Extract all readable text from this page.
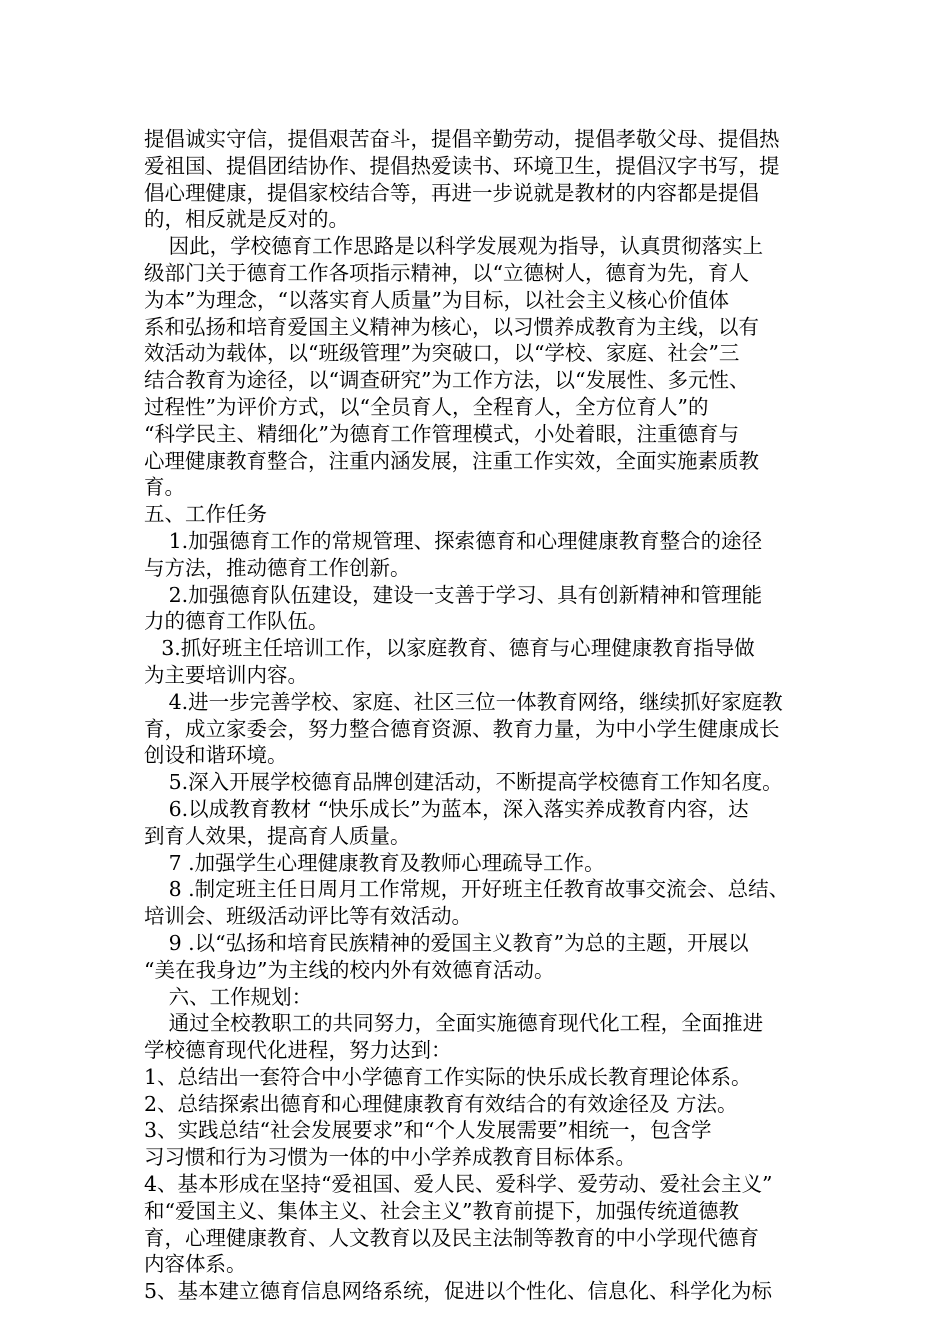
提倡诚实守信，提倡艰苦奋斗，提倡辛勤劳动，提倡孝敬父母、提倡热
爱祖国、提倡团结协作、提倡热爱读书、环境卫生，提倡汉字书写，提
倡心理健康，提倡家校结合等，再进一步说就是教材的内容都是提倡
的，相反就是反对的。
因此，学校德育工作思路是以科学发展观为指导，认真贯彻落实上
级部门关于德育工作各项指示精神，以“立德树人，德育为先，育人
为本”为理念，“以落实育人质量”为目标，以社会主义核心价值体
系和弘扬和培育爱国主义精神为核心，以习惯养成教育为主线，以有
效活动为载体，以“班级管理”为突破口，以“学校、家庭、社会”三
结合教育为途径，以“调查研究”为工作方法，以“发展性、多元性、
过程性”为评价方式，以“全员育人，全程育人，全方位育人”的
“科学民主、精细化”为德育工作管理模式，小处着眼，注重德育与
心理健康教育整合，注重内涵发展，注重工作实效，全面实施素质教
育。
五、工作任务
1.加强德育工作的常规管理、探索德育和心理健康教育整合的途径
与方法，推动德育工作创新。
2.加强德育队伍建设，建设一支善于学习、具有创新精神和管理能
力的德育工作队伍。
3.抓好班主任培训工作，以家庭教育、德育与心理健康教育指导做
为主要培训内容。
4.进一步完善学校、家庭、社区三位一体教育网络，继续抓好家庭教
育，成立家委会，努力整合德育资源、教育力量，为中小学生健康成长
创设和谐环境。
5.深入开展学校德育品牌创建活动，不断提高学校德育工作知名度。
6.以成教育教材 “快乐成长”为蓝本，深入落实养成教育内容，达
到育人效果，提高育人质量。
7 .加强学生心理健康教育及教师心理疏导工作。
8 .制定班主任日周月工作常规，开好班主任教育故事交流会、总结、
培训会、班级活动评比等有效活动。
9 .以“弘扬和培育民族精神的爱国主义教育”为总的主题，开展以
“美在我身边”为主线的校内外有效德育活动。
六、工作规划：
通过全校教职工的共同努力，全面实施德育现代化工程，全面推进
学校德育现代化进程，努力达到：
1、总结出一套符合中小学德育工作实际的快乐成长教育理论体系。
2、总结探索出德育和心理健康教育有效结合的有效途径及 方法。
3、实践总结“社会发展要求”和“个人发展需要”相统一，包含学
习习惯和行为习惯为一体的中小学养成教育目标体系。
4、基本形成在坚持“爱祖国、爱人民、爱科学、爱劳动、爱社会主义”
和“爱国主义、集体主义、社会主义”教育前提下，加强传统道德教
育，心理健康教育、人文教育以及民主法制等教育的中小学现代德育
内容体系。
5、基本建立德育信息网络系统，促进以个性化、信息化、科学化为标
